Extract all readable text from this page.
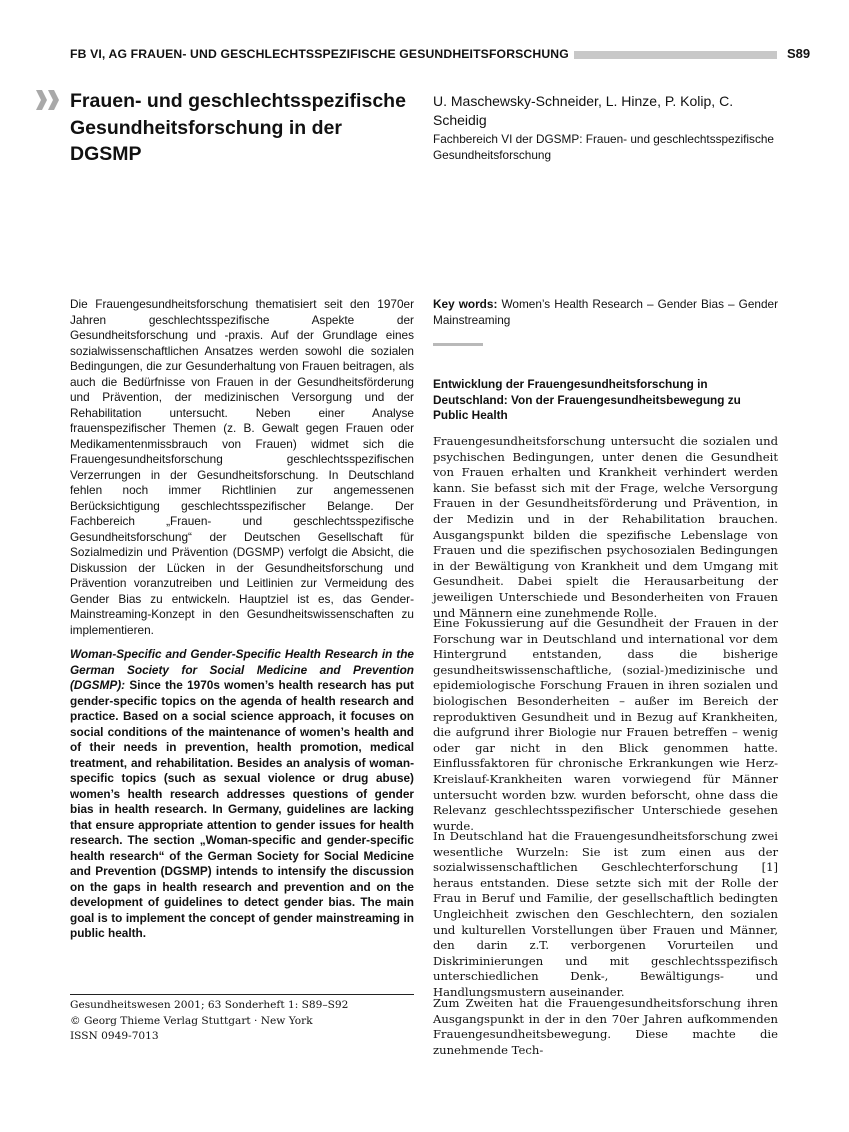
FB VI, AG FRAUEN- UND GESCHLECHTSSPEZIFISCHE GESUNDHEITSFORSCHUNG	S89
Frauen- und geschlechtsspezifische Gesundheitsforschung in der DGSMP
U. Maschewsky-Schneider, L. Hinze, P. Kolip, C. Scheidig
Fachbereich VI der DGSMP: Frauen- und geschlechtsspezifische Gesundheitsforschung

Die Frauengesundheitsforschung thematisiert seit den 1970er Jahren geschlechtsspezifische Aspekte der Gesundheitsforschung und -praxis. Auf der Grundlage eines sozialwissenschaftlichen Ansatzes werden sowohl die sozialen Bedingungen, die zur Gesunderhaltung von Frauen beitragen, als auch die Bedürfnisse von Frauen in der Gesundheitsförderung und Prävention, der medizinischen Versorgung und der Rehabilitation untersucht. Neben einer Analyse frauenspezifischer Themen (z. B. Gewalt gegen Frauen oder Medikamentenmissbrauch von Frauen) widmet sich die Frauengesundheitsforschung geschlechtsspezifischen Verzerrungen in der Gesundheitsforschung. In Deutschland fehlen noch immer Richtlinien zur angemessenen Berücksichtigung geschlechtsspezifischer Belange. Der Fachbereich „Frauen- und geschlechtsspezifische Gesundheitsforschung“ der Deutschen Gesellschaft für Sozialmedizin und Prävention (DGSMP) verfolgt die Absicht, die Diskussion der Lücken in der Gesundheitsforschung und Prävention voranzutreiben und Leitlinien zur Vermeidung des Gender Bias zu entwickeln. Hauptziel ist es, das Gender-Mainstreaming-Konzept in den Gesundheitswissenschaften zu implementieren.

Woman-Specific and Gender-Specific Health Research in the German Society for Social Medicine and Prevention (DGSMP): Since the 1970s women’s health research has put gender-specific topics on the agenda of health research and practice. Based on a social science approach, it focuses on social conditions of the maintenance of women’s health and of their needs in prevention, health promotion, medical treatment, and rehabilitation. Besides an analysis of woman-specific topics (such as sexual violence or drug abuse) women’s health research addresses questions of gender bias in health research. In Germany, guidelines are lacking that ensure appropriate attention to gender issues for health research. The section „Woman-specific and gender-specific health research“ of the German Society for Social Medicine and Prevention (DGSMP) intends to intensify the discussion on the gaps in health research and prevention and on the development of guidelines to detect gender bias. The main goal is to implement the concept of gender mainstreaming in public health.

Key words: Women’s Health Research – Gender Bias – Gender Mainstreaming

Entwicklung der Frauengesundheitsforschung in Deutschland: Von der Frauengesundheitsbewegung zu Public Health

Frauengesundheitsforschung untersucht die sozialen und psychischen Bedingungen, unter denen die Gesundheit von Frauen erhalten und Krankheit verhindert werden kann. Sie befasst sich mit der Frage, welche Versorgung Frauen in der Gesundheitsförderung und Prävention, in der Medizin und in der Rehabilitation brauchen. Ausgangspunkt bilden die spezifische Lebenslage von Frauen und die spezifischen psychosozialen Bedingungen in der Bewältigung von Krankheit und dem Umgang mit Gesundheit. Dabei spielt die Herausarbeitung der jeweiligen Unterschiede und Besonderheiten von Frauen und Männern eine zunehmende Rolle.

Eine Fokussierung auf die Gesundheit der Frauen in der Forschung war in Deutschland und international vor dem Hintergrund entstanden, dass die bisherige gesundheitswissenschaftliche, (sozial-)medizinische und epidemiologische Forschung Frauen in ihren sozialen und biologischen Besonderheiten – außer im Bereich der reproduktiven Gesundheit und in Bezug auf Krankheiten, die aufgrund ihrer Biologie nur Frauen betreffen – wenig oder gar nicht in den Blick genommen hatte. Einflussfaktoren für chronische Erkrankungen wie Herz-Kreislauf-Krankheiten waren vorwiegend für Männer untersucht worden bzw. wurden beforscht, ohne dass die Relevanz geschlechtsspezifischer Unterschiede gesehen wurde.

In Deutschland hat die Frauengesundheitsforschung zwei wesentliche Wurzeln: Sie ist zum einen aus der sozialwissenschaftlichen Geschlechterforschung [1] heraus entstanden. Diese setzte sich mit der Rolle der Frau in Beruf und Familie, der gesellschaftlich bedingten Ungleichheit zwischen den Geschlechtern, den sozialen und kulturellen Vorstellungen über Frauen und Männer, den darin z.T. verborgenen Vorurteilen und Diskriminierungen und mit geschlechtsspezifisch unterschiedlichen Denk-, Bewältigungs- und Handlungsmustern auseinander.

Zum Zweiten hat die Frauengesundheitsforschung ihren Ausgangspunkt in der in den 70er Jahren aufkommenden Frauengesundheitsbewegung. Diese machte die zunehmende Tech-

Gesundheitswesen 2001; 63 Sonderheft 1: S89–S92
© Georg Thieme Verlag Stuttgart · New York
ISSN 0949-7013
